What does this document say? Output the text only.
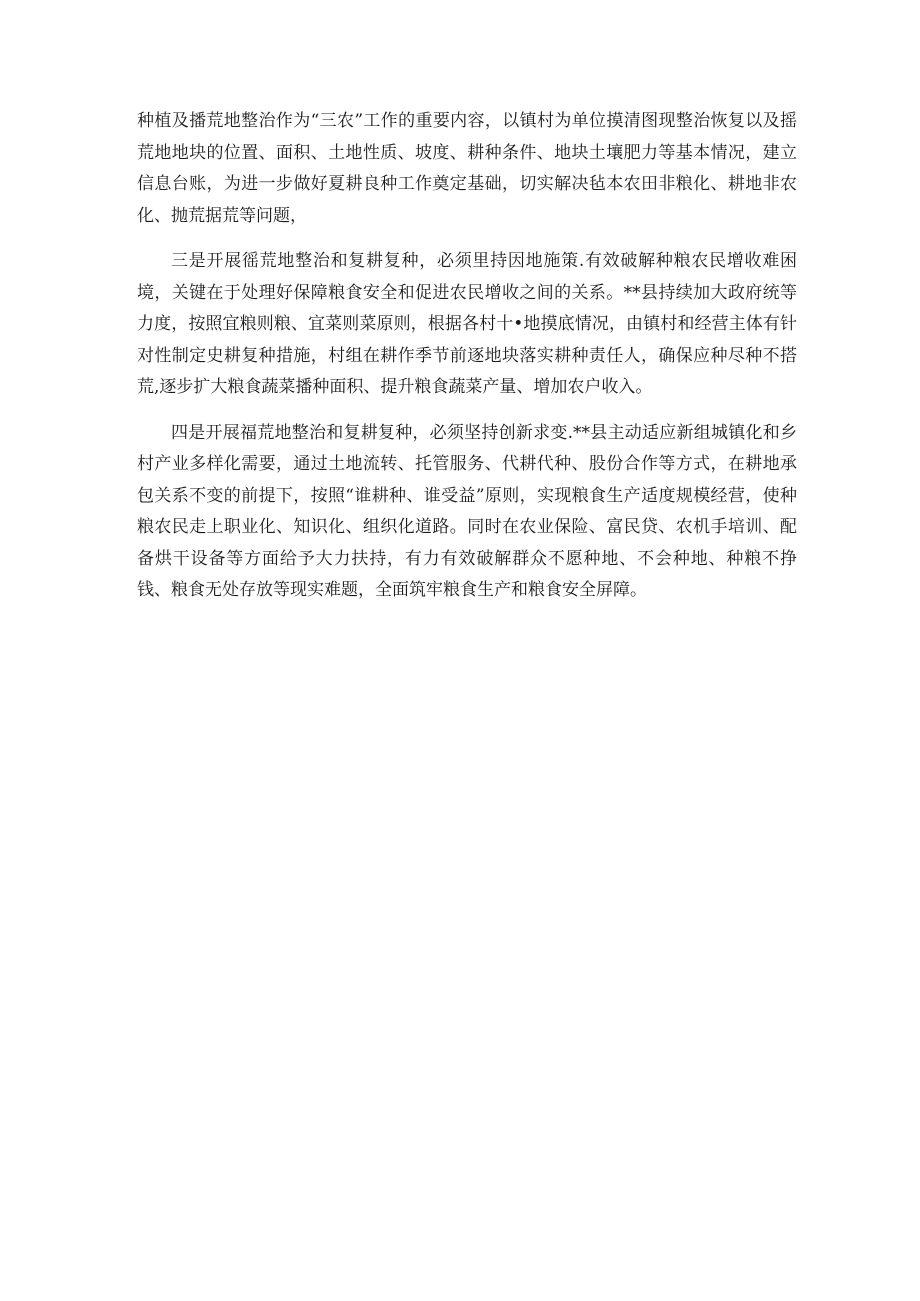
种植及播荒地整治作为“三农”工作的重要内容，以镇村为单位摸清图现整治恢复以及摇荒地地块的位置、面积、土地性质、坡度、耕种条件、地块土壤肥力等基本情况，建立信息台账，为进一步做好夏耕良种工作奠定基础，切实解决毡本农田非粮化、耕地非农化、抛荒据荒等问题，

三是开展徭荒地整治和复耕复种，必须里持因地施策.有效破解种粮农民增收难困境，关键在于处理好保障粮食安全和促进农民增收之间的关系。**县持续加大政府统等力度，按照宜粮则粮、宜菜则菜原则，根据各村十•地摸底情况，由镇村和经营主体有针对性制定史耕复种措施，村组在耕作季节前逐地块落实耕种责任人，确保应种尽种不搭荒,逐步扩大粮食蔬菜播种面积、提升粮食蔬菜产量、增加农户收入。

四是开展福荒地整治和复耕复种，必须坚持创新求变.**县主动适应新组城镇化和乡村产业多样化需要，通过土地流转、托管服务、代耕代种、股份合作等方式，在耕地承包关系不变的前提下，按照“谁耕种、谁受益”原则，实现粮食生产适度规模经营，使种粮农民走上职业化、知识化、组织化道路。同时在农业保险、富民贷、农机手培训、配备烘干设备等方面给予大力扶持，有力有效破解群众不愿种地、不会种地、种粮不挣钱、粮食无处存放等现实难题，全面筑牢粮食生产和粮食安全屏障。
